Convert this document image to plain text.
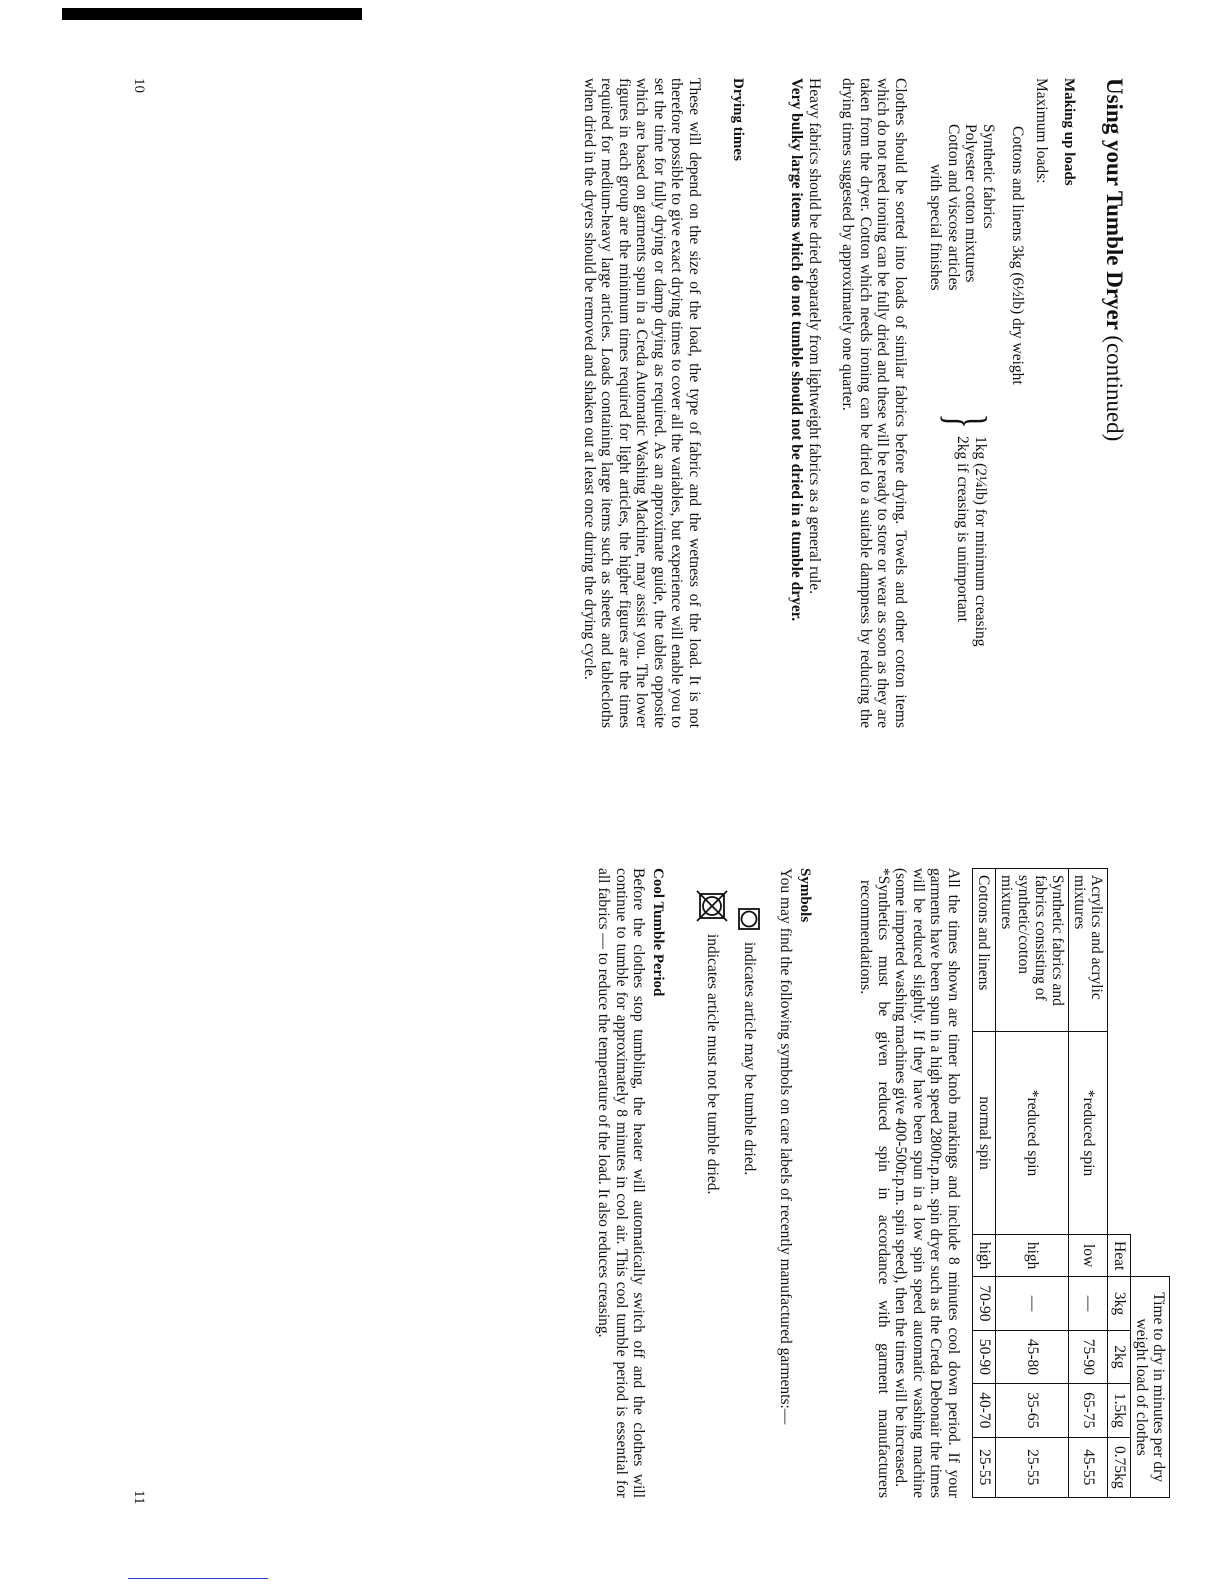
Using your Tumble Dryer (continued)
Making up loads
Maximum loads:
Cottons and linens 3kg (6½lb) dry weight
Synthetic fabrics
Polyester cotton mixtures
Cotton and viscose articles
with special finishes
}
1kg (2¼lb) for minimum creasing
2kg if creasing is unimportant

Clothes should be sorted into loads of similar fabrics before drying. Towels and other cotton items which do not need ironing can be fully dried and these will be ready to store or wear as soon as they are taken from the dryer. Cotton which needs ironing can be dried to a suitable dampness by reducing the drying times suggested by approximately one quarter.

Heavy fabrics should be dried separately from lightweight fabrics as a general rule.
Very bulky large items which do not tumble should not be dried in a tumble dryer.

Drying times

These will depend on the size of the load, the type of fabric and the wetness of the load. It is not therefore possible to give exact drying times to cover all the variables, but experience will enable you to set the time for fully drying or damp drying as required. As an approximate guide, the tables opposite which are based on garments spun in a Creda Automatic Washing Machine, may assist you. The lower figures in each group are the minimum times required for light articles, the higher figures are the times required for medium-heavy large articles. Loads containing large items such as sheets and tablecloths when dried in the dryers should be removed and shaken out at least once during the drying cycle.

10
11
			Time to dry in minutes per dry weight load of clothes			
		Heat	3kg	2kg	1.5kg	0.75kg
Acrylics and acrylic mixtures	*reduced spin	low	—	75-90	65-75	45-55
Synthetic fabrics and fabrics consisting of synthetic/cotton mixtures	*reduced spin	high	—	45-80	35-65	25-55
Cottons and linens	normal spin	high	70-90	50-90	40-70	25-55

All the times shown are timer knob markings and include 8 minutes cool down period. If your garments have been spun in a high speed 2800r.p.m. spin dryer such as the Creda Debonair the times will be reduced slightly. If they have been spun in a low spin speed automatic washing machine (some imported washing machines give 400-500r.p.m. spin speed), then the times will be increased.

*Synthetics must be given reduced spin in accordance with garment manufacturers recommendations.

Symbols

You may find the following symbols on care labels of recently manufactured garments:—

indicates article may be tumble dried.
indicates article must not be tumble dried.
Cool Tumble Period

Before the clothes stop tumbling, the heater will automatically switch off and the clothes will continue to tumble for approximately 8 minutes in cool air. This cool tumble period is essential for all fabrics — to reduce the temperature of the load. It also reduces creasing.
